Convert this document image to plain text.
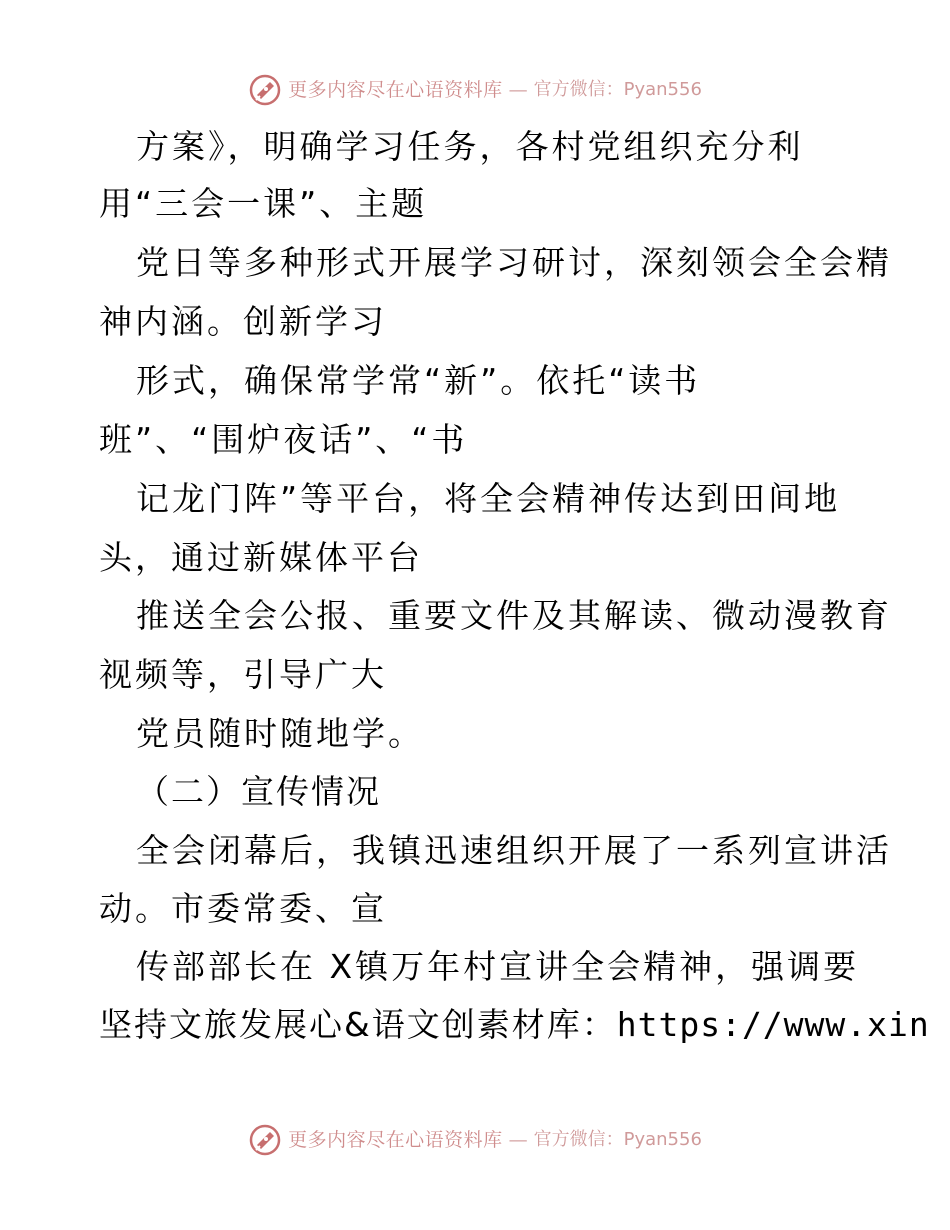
更多内容尽在心语资料库 — 官方微信：Pyan556
方案》，明确学习任务，各村党组织充分利
用“三会一课”、主题
党日等多种形式开展学习研讨，深刻领会全会精
神内涵。创新学习
形式，确保常学常“新”。依托“读书
班”、“围炉夜话”、“书
记龙门阵”等平台，将全会精神传达到田间地
头，通过新媒体平台
推送全会公报、重要文件及其解读、微动漫教育
视频等，引导广大
党员随时随地学。
（二）宣传情况
全会闭幕后，我镇迅速组织开展了一系列宣讲活
动。市委常委、宣
传部部长在 X镇万年村宣讲全会精神，强调要
坚持文旅发展心&语文创素材库：https://www.xin
更多内容尽在心语资料库 — 官方微信：Pyan556
